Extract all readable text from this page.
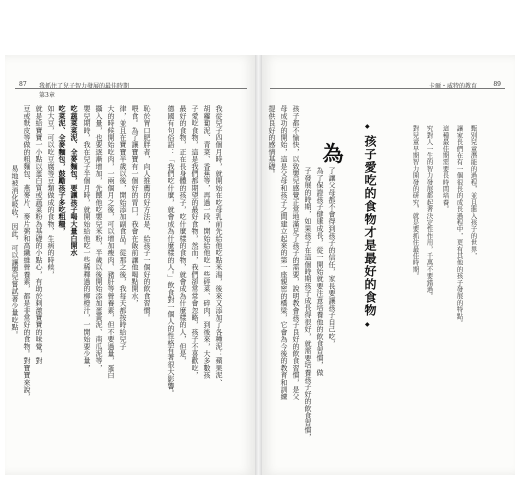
87 我抓住了兒子智力發展的最佳時期
第3章
易地被消化吸收，因此，可以讓嬰兒嘗試著少量吃點。 豆或麩皮等做的粗麵包、燕麥片、麥片粥和高纖維營養素，都是非常好的食物。對寶寶來說， 就是給寶寶一小點以蛋白質或蔬菜粉為基礎的小點心，有助於刺激寶寶的味覺，對 如大豆，可以吃豆腐等豆類做成的食物，生病的時候， 吃菜泥、全麥麵包，鼓勵孩子多吃粗糧， 吃蔬菜菜泥、全麥麵包，要讓孩子喝大量白開水 嬰兒期時，我在兒子半個月時，就開始給他吃一些稀釋過的柳橙汁，一開始要少量， 攝入量，也要逐漸增加，先餵他吃嬰兒米粉，半歲以後開始添加蛋黃泥、南瓜泥等， 大的時候開始吃肉，一兩個月之後，可以增加瘦肉、豬肝等營養素，但不要過量，蛋白 律，並且在寶寶半歲以後，開始添加副食品。從那之後，我每天都按時給兒子 喂食。為了讓寶寶有一個好的胃口，我會在飯前讓他喝點開水， 恥於胃口肥胖者，向人推薦的好方法是，給孩子一個好的飲食習慣。 德國有句俗語：「我們吃什麼，就會成為什麼樣的人。」飲食對一個人的性格有著很大影響。 最好的食物，正在長身體的孩子，吃什麼樣的食物，就會成為什麼樣的人，但是， 子愛吃食物，這是我們都期望的最好食物，然而，我們卻常常會忽略，孩子不喜歡吃， 胡蘿蔔泥、青菜、香蕉等，再過一段，開始給他吃一些碎菜、碎肉，到後來，大多數孩 我從兒子四個月時，就開始在吃母乳前先給他吃點米湯，後來又添加了各種泥：蘋果泥、
卡爾・威特的教育	89
提供良好的感情基礎。 母成功的開始，這是父母和孩子之間建立起來的第一座親密的橋梁，它會為今後的教育和訓練 孩子都不愉快，以致嬰兒感覺正常地滿足了孩子的需要，說明教會孩子良好的飲食習慣，是父 子發展的時期，如果孩子在這個時期孩子成長得很好，就需要培養孩子好的飲食習慣， 為了保證孩子健康成長，從一開始就要注意培養他的飲食習慣，做 了讓父母都不會得到孩子的信任，家長要讓孩子自己吃，
為
◆
孩子愛吃的食物才是最好的食物
◆
對兒童早期智力開發的研究，就是要抓住最佳時期。 究對人一生的智力發展都起著決定性作用，千萬不要錯過。 這種最佳期需要長時間培養。 讓家長們在有一個很長的成長過程中，更有其他的孩子發展的特點。 甄別兒童潛能的過程，並且進入孩子的世界，
